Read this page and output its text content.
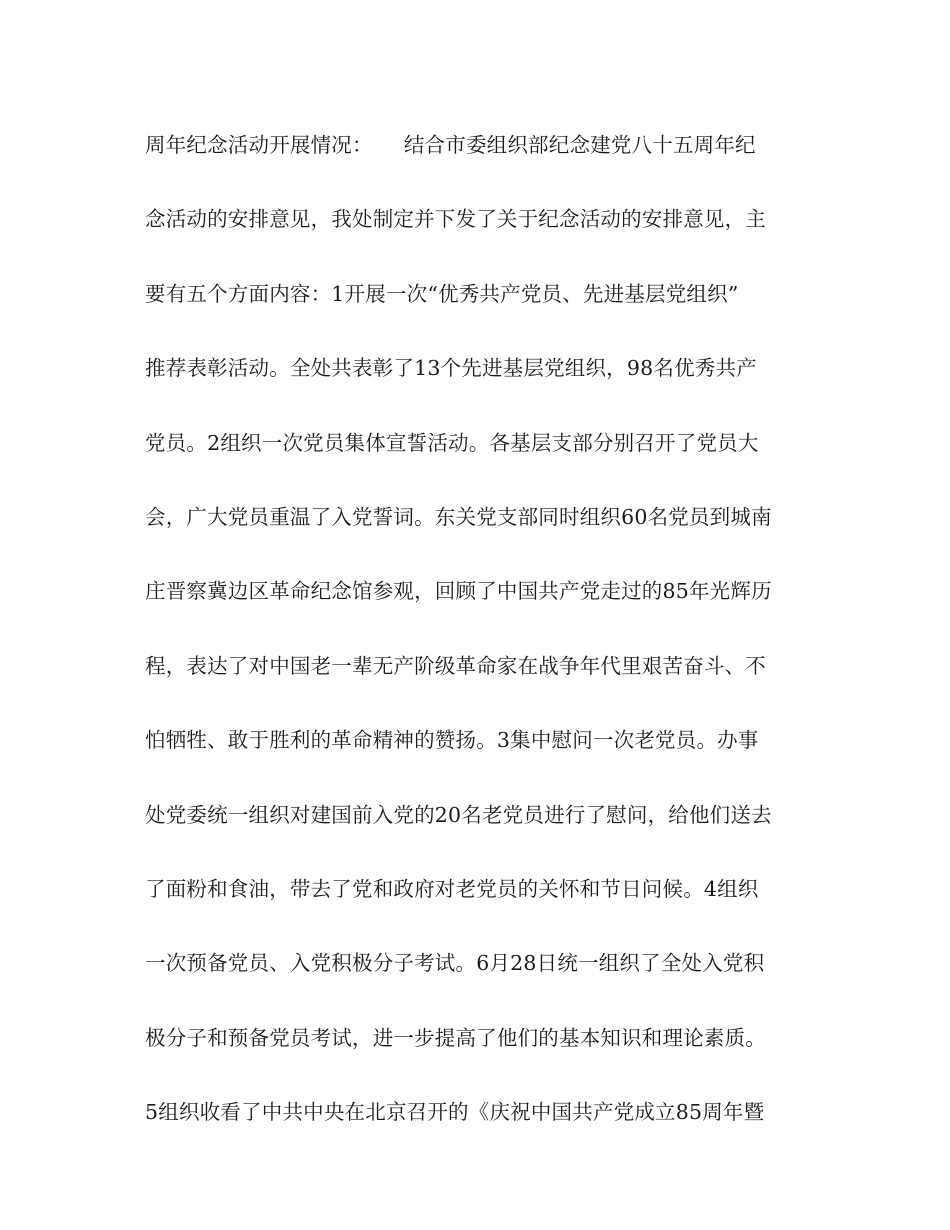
周年纪念活动开展情况：　　结合市委组织部纪念建党八十五周年纪
念活动的安排意见，我处制定并下发了关于纪念活动的安排意见，主
要有五个方面内容：1开展一次“优秀共产党员、先进基层党组织”
推荐表彰活动。全处共表彰了13个先进基层党组织，98名优秀共产
党员。2组织一次党员集体宣誓活动。各基层支部分别召开了党员大
会，广大党员重温了入党誓词。东关党支部同时组织60名党员到城南
庄晋察冀边区革命纪念馆参观，回顾了中国共产党走过的85年光辉历
程，表达了对中国老一辈无产阶级革命家在战争年代里艰苦奋斗、不
怕牺牲、敢于胜利的革命精神的赞扬。3集中慰问一次老党员。办事
处党委统一组织对建国前入党的20名老党员进行了慰问，给他们送去
了面粉和食油，带去了党和政府对老党员的关怀和节日问候。4组织
一次预备党员、入党积极分子考试。6月28日统一组织了全处入党积
极分子和预备党员考试，进一步提高了他们的基本知识和理论素质。
5组织收看了中共中央在北京召开的《庆祝中国共产党成立85周年暨
